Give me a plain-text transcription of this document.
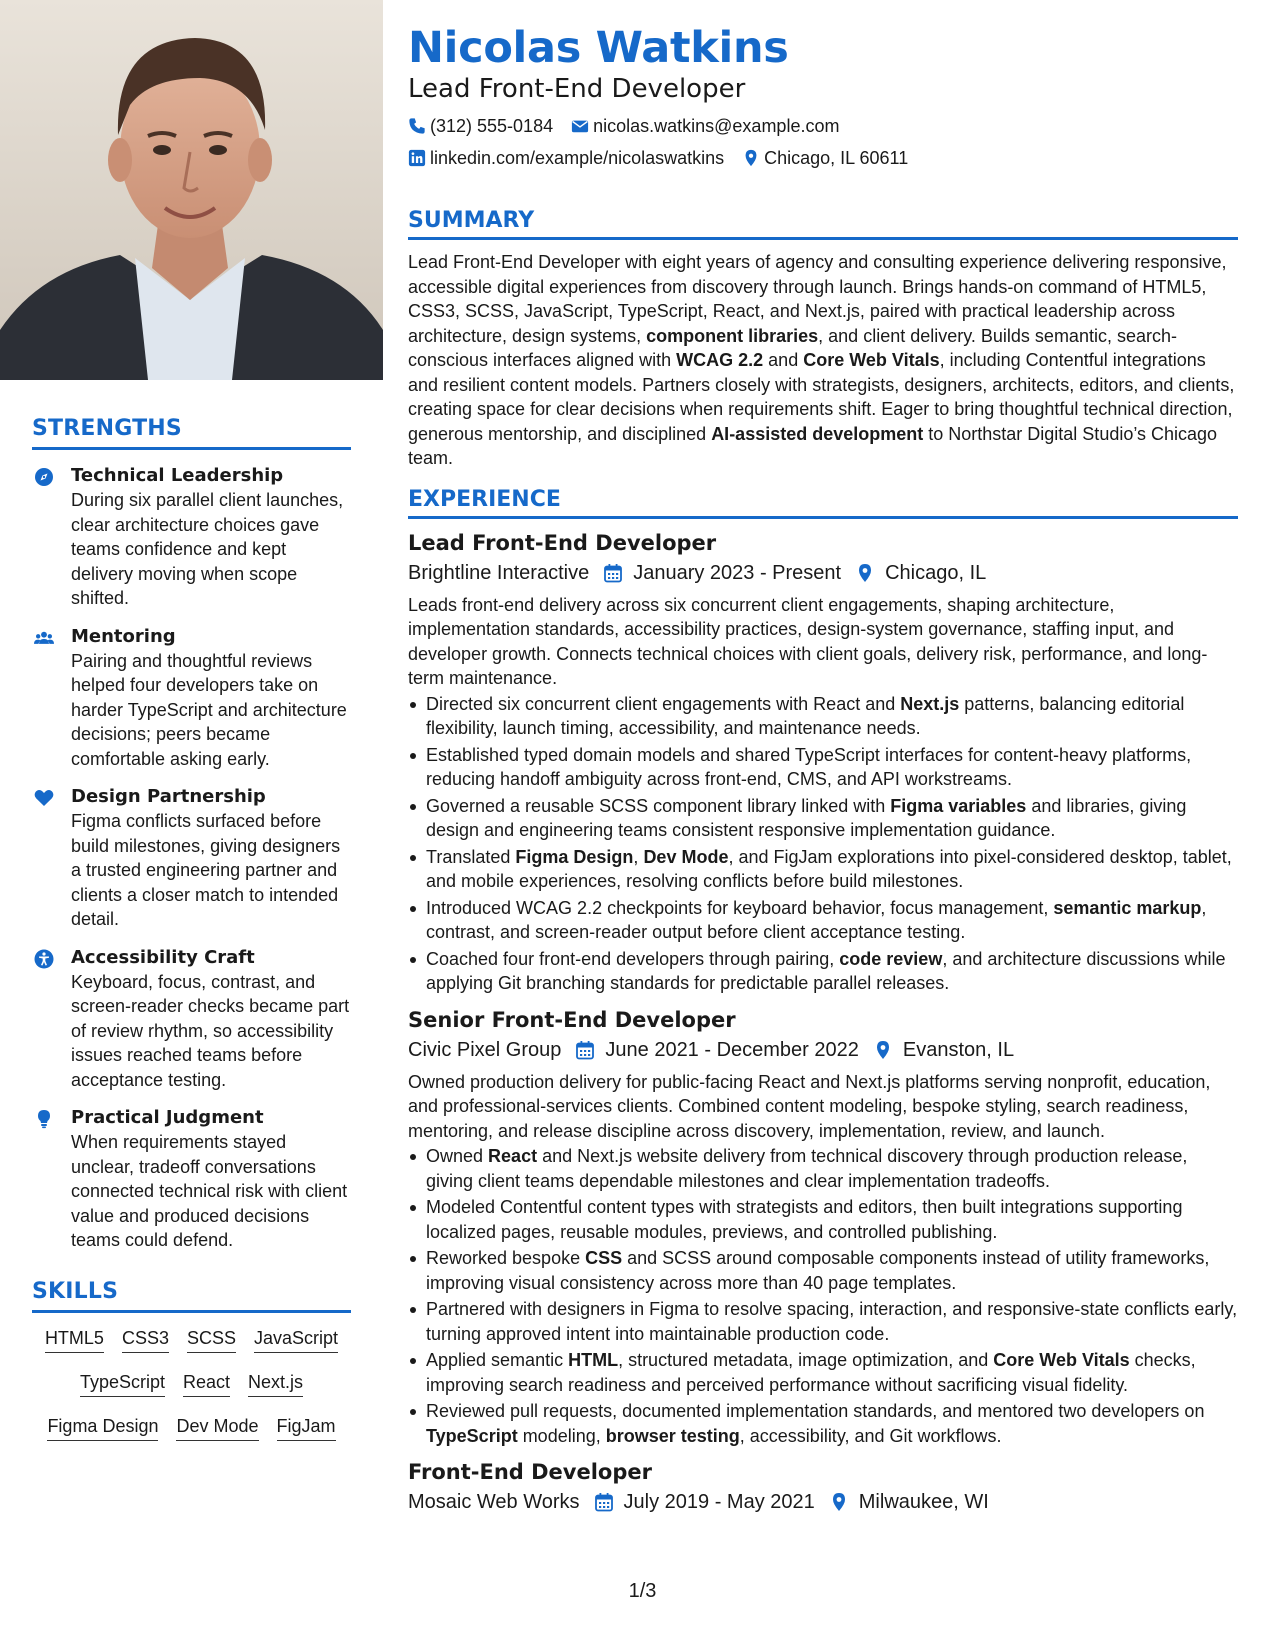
STRENGTHS
Technical Leadership
During six parallel client launches, clear architecture choices gave teams confidence and kept delivery moving when scope shifted.
Mentoring
Pairing and thoughtful reviews helped four developers take on harder TypeScript and architecture decisions; peers became comfortable asking early.
Design Partnership
Figma conflicts surfaced before build milestones, giving designers a trusted engineering partner and clients a closer match to intended detail.
Accessibility Craft
Keyboard, focus, contrast, and screen-reader checks became part of review rhythm, so accessibility issues reached teams before acceptance testing.
Practical Judgment
When requirements stayed unclear, tradeoff conversations connected technical risk with client value and produced decisions teams could defend.
SKILLS
HTML5 CSS3 SCSS JavaScript
TypeScript React Next.js
Figma Design Dev Mode FigJam
Nicolas Watkins
Lead Front-End Developer
(312) 555-0184 nicolas.watkins@example.com
linkedin.com/example/nicolaswatkins Chicago, IL 60611
SUMMARY
Lead Front-End Developer with eight years of agency and consulting experience delivering responsive, accessible digital experiences from discovery through launch. Brings hands-on command of HTML5, CSS3, SCSS, JavaScript, TypeScript, React, and Next.js, paired with practical leadership across architecture, design systems, component libraries, and client delivery. Builds semantic, search-conscious interfaces aligned with WCAG 2.2 and Core Web Vitals, including Contentful integrations and resilient content models. Partners closely with strategists, designers, architects, editors, and clients, creating space for clear decisions when requirements shift. Eager to bring thoughtful technical direction, generous mentorship, and disciplined AI-assisted development to Northstar Digital Studio’s Chicago team.
EXPERIENCE
Lead Front-End Developer
Brightline Interactive January 2023 - Present Chicago, IL
Leads front-end delivery across six concurrent client engagements, shaping architecture, implementation standards, accessibility practices, design-system governance, staffing input, and developer growth. Connects technical choices with client goals, delivery risk, performance, and long-term maintenance.
Directed six concurrent client engagements with React and Next.js patterns, balancing editorial flexibility, launch timing, accessibility, and maintenance needs.
Established typed domain models and shared TypeScript interfaces for content-heavy platforms, reducing handoff ambiguity across front-end, CMS, and API workstreams.
Governed a reusable SCSS component library linked with Figma variables and libraries, giving design and engineering teams consistent responsive implementation guidance.
Translated Figma Design, Dev Mode, and FigJam explorations into pixel-considered desktop, tablet, and mobile experiences, resolving conflicts before build milestones.
Introduced WCAG 2.2 checkpoints for keyboard behavior, focus management, semantic markup, contrast, and screen-reader output before client acceptance testing.
Coached four front-end developers through pairing, code review, and architecture discussions while applying Git branching standards for predictable parallel releases.
Senior Front-End Developer
Civic Pixel Group June 2021 - December 2022 Evanston, IL
Owned production delivery for public-facing React and Next.js platforms serving nonprofit, education, and professional-services clients. Combined content modeling, bespoke styling, search readiness, mentoring, and release discipline across discovery, implementation, review, and launch.
Owned React and Next.js website delivery from technical discovery through production release, giving client teams dependable milestones and clear implementation tradeoffs.
Modeled Contentful content types with strategists and editors, then built integrations supporting localized pages, reusable modules, previews, and controlled publishing.
Reworked bespoke CSS and SCSS around composable components instead of utility frameworks, improving visual consistency across more than 40 page templates.
Partnered with designers in Figma to resolve spacing, interaction, and responsive-state conflicts early, turning approved intent into maintainable production code.
Applied semantic HTML, structured metadata, image optimization, and Core Web Vitals checks, improving search readiness and perceived performance without sacrificing visual fidelity.
Reviewed pull requests, documented implementation standards, and mentored two developers on TypeScript modeling, browser testing, accessibility, and Git workflows.
Front-End Developer
Mosaic Web Works July 2019 - May 2021 Milwaukee, WI
1/3
